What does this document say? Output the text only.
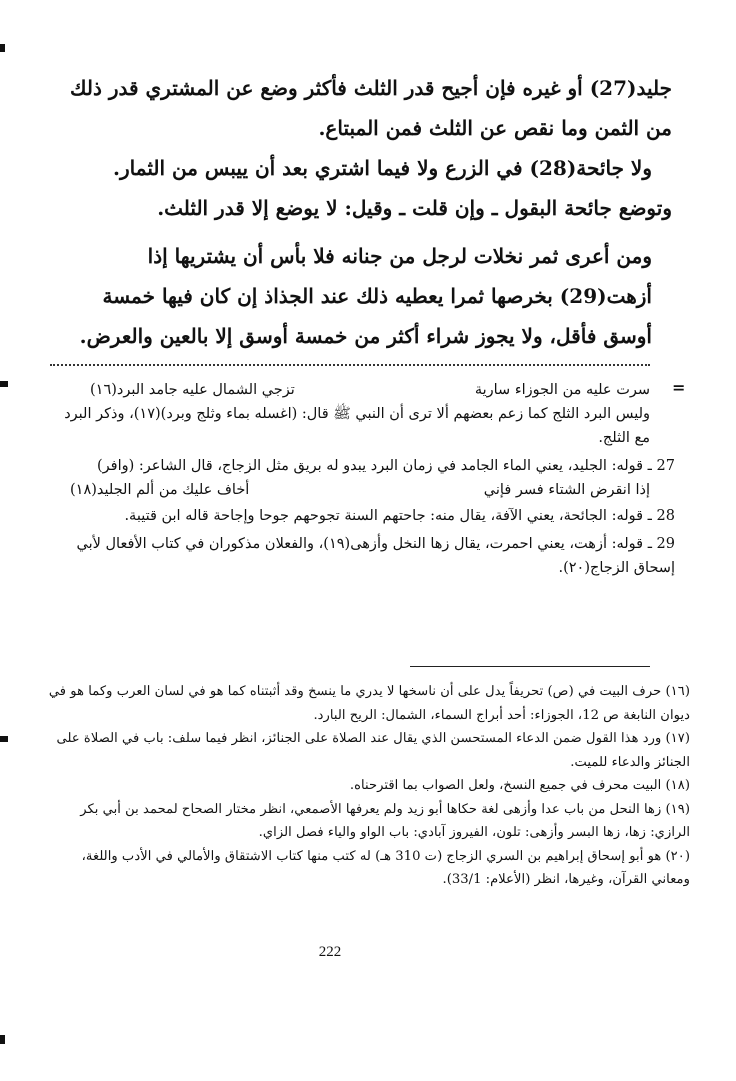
جليد(27) أو غيره فإن أجيح قدر الثلث فأكثر وضع عن المشتري قدر ذلك من الثمن وما نقص عن الثلث فمن المبتاع.

ولا جائحة(28) في الزرع ولا فيما اشتري بعد أن ييبس من الثمار.

وتوضع جائحة البقول ـ وإن قلت ـ وقيل: لا يوضع إلا قدر الثلث.

ومن أعرى ثمر نخلات لرجل من جنانه فلا بأس أن يشتريها إذا أزهت(29) بخرصها ثمرا يعطيه ذلك عند الجذاذ إن كان فيها خمسة أوسق فأقل، ولا يجوز شراء أكثر من خمسة أوسق إلا بالعين والعرض.

=
سرت عليه من الجوزاء سارية
تزجي الشمال عليه جامد البرد(١٦)
وليس البرد الثلج كما زعم بعضهم ألا ترى أن النبي ﷺ قال: (اغسله بماء وثلج وبرد)(١٧)، وذكر البرد مع الثلج.
27 ـ قوله: الجليد، يعني الماء الجامد في زمان البرد يبدو له بريق مثل الزجاج، قال الشاعر: (وافر)
إذا انقرض الشتاء فسر فإني
أخاف عليك من ألم الجليد(١٨)
28 ـ قوله: الجائحة، يعني الآفة، يقال منه: جاحتهم السنة تجوحهم جوحا وإجاحة قاله ابن قتيبة.
29 ـ قوله: أزهت، يعني احمرت، يقال زها النخل وأزهى(١٩)، والفعلان مذكوران في كتاب الأفعال لأبي إسحاق الزجاج(٢٠).
(١٦) حرف البيت في (ص) تحريفاً يدل على أن ناسخها لا يدري ما ينسخ وقد أثبتناه كما هو في لسان العرب وكما هو في ديوان النابغة ص 12، الجوزاء: أحد أبراج السماء، الشمال: الريح البارد.
(١٧) ورد هذا القول ضمن الدعاء المستحسن الذي يقال عند الصلاة على الجنائز، انظر فيما سلف: باب في الصلاة على الجنائز والدعاء للميت.
(١٨) البيت محرف في جميع النسخ، ولعل الصواب بما اقترحناه.
(١٩) زها النحل من باب عدا وأزهى لغة حكاها أبو زيد ولم يعرفها الأصمعي، انظر مختار الصحاح لمحمد بن أبي بكر الرازي: زها، زها البسر وأزهى: تلون، الفيروز آبادي: باب الواو والياء فصل الزاي.
(٢٠) هو أبو إسحاق إبراهيم بن السري الزجاج (ت 310 هـ) له كتب منها كتاب الاشتقاق والأمالي في الأدب واللغة، ومعاني القرآن، وغيرها، انظر (الأعلام: 33/1).
222
